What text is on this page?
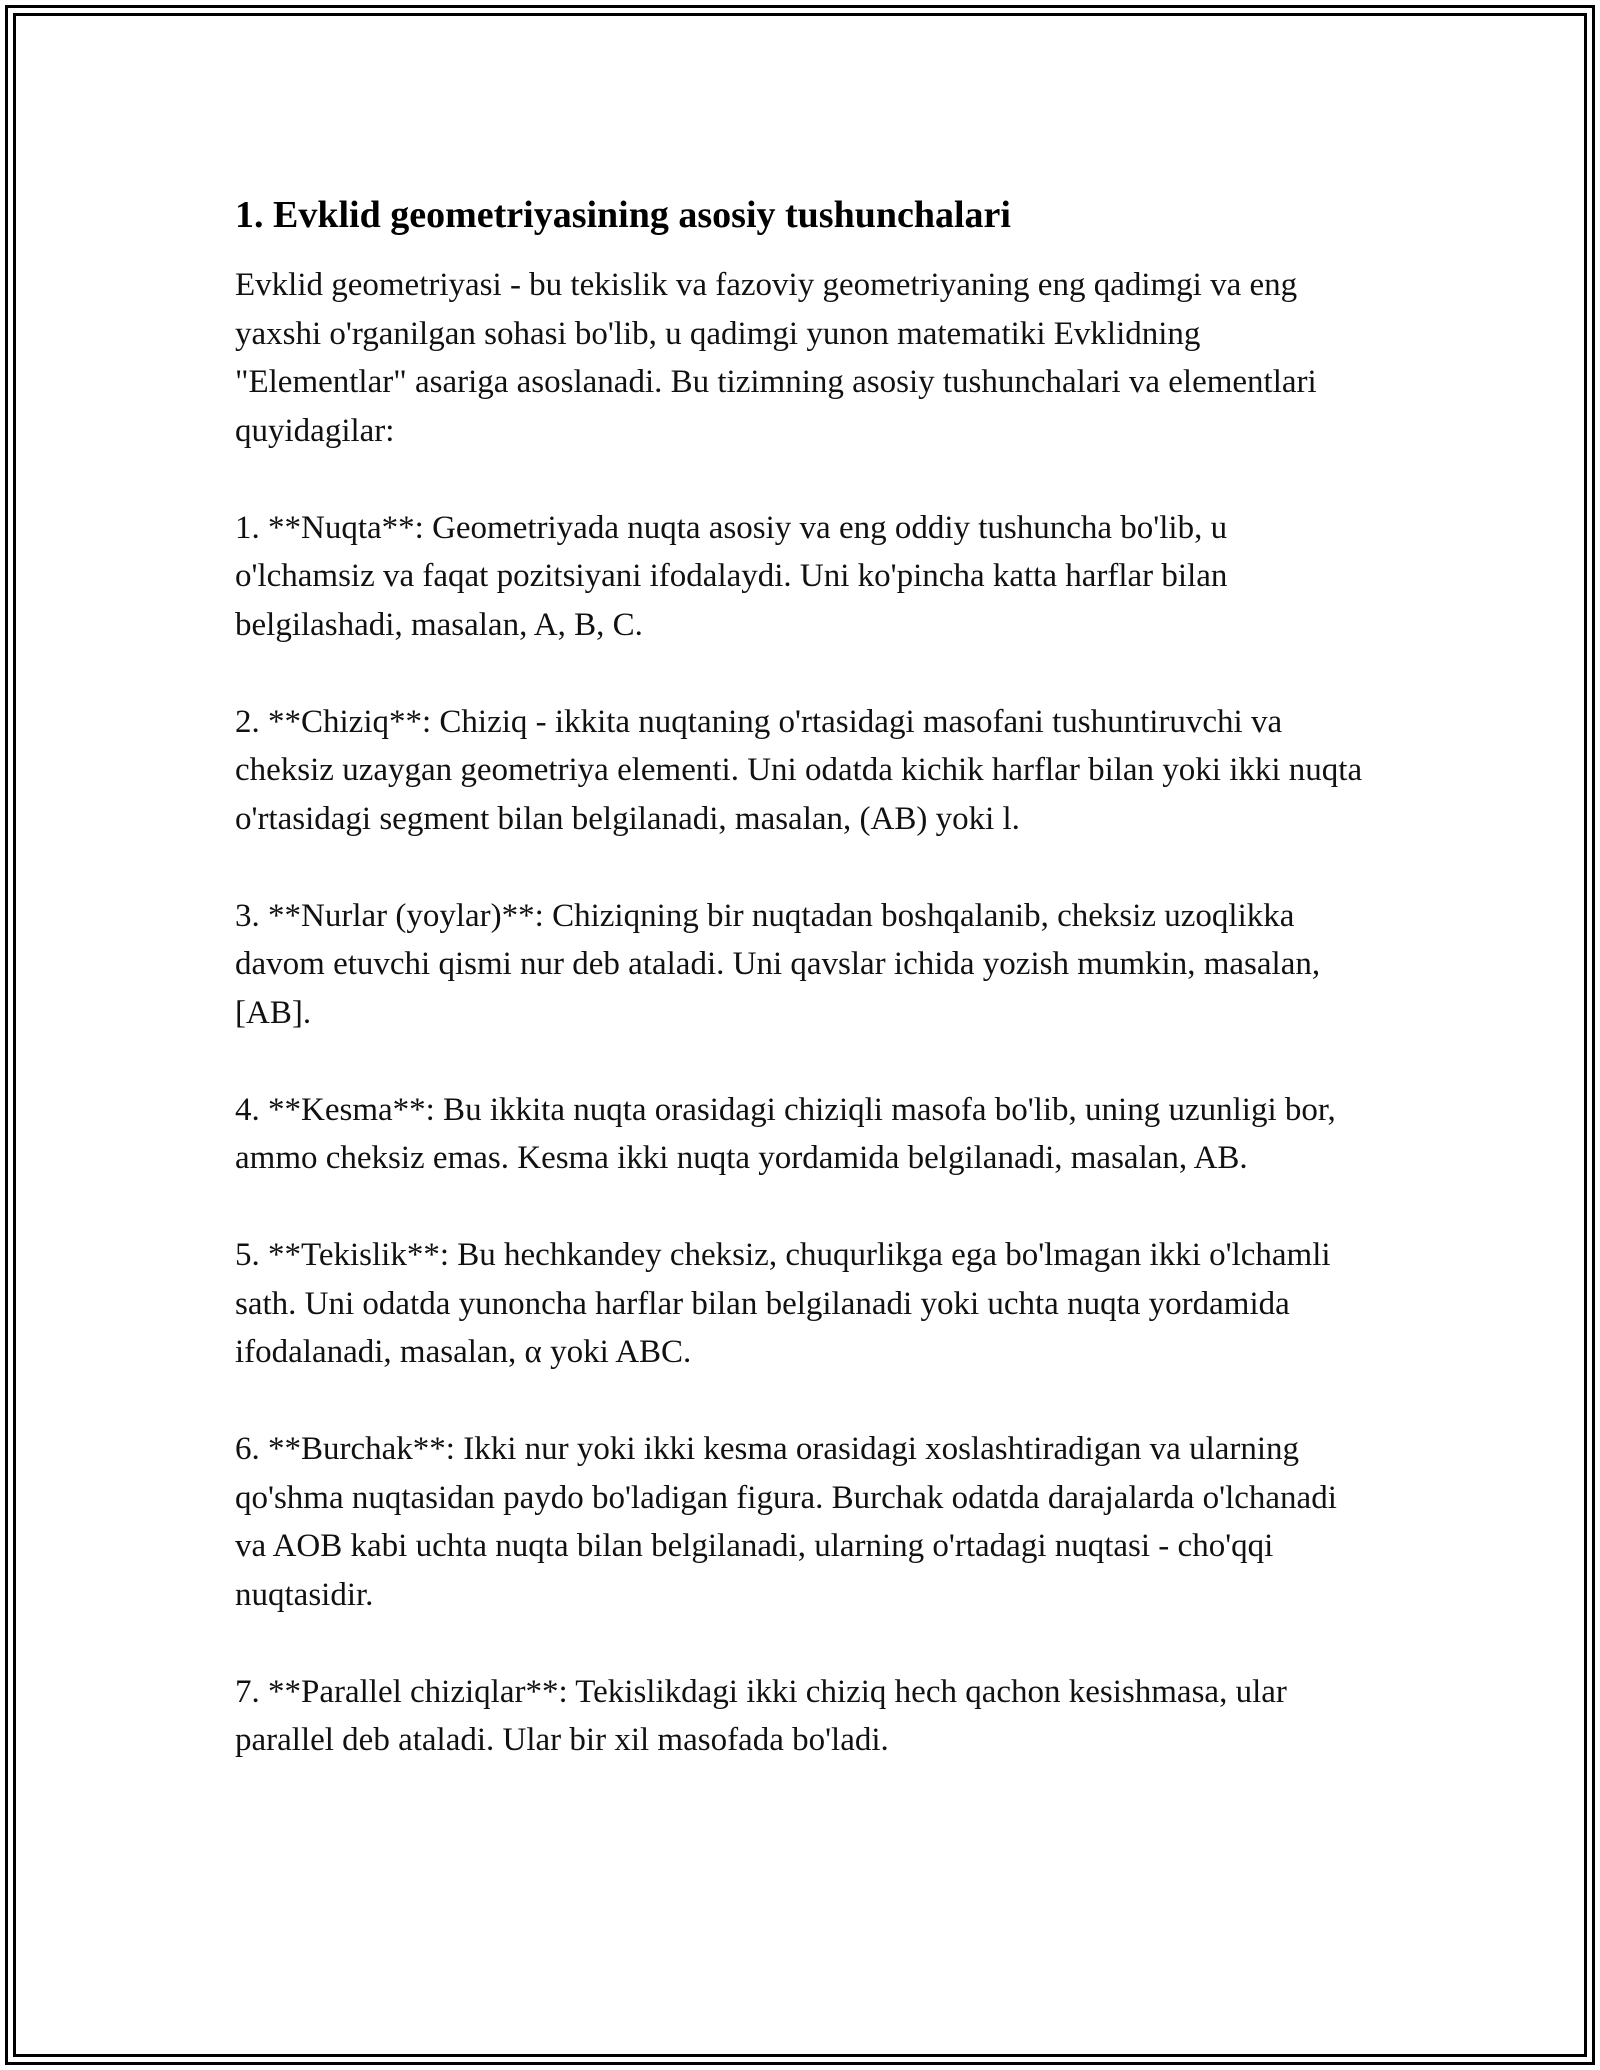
1. Evklid geometriyasining asosiy tushunchalari

Evklid geometriyasi - bu tekislik va fazoviy geometriyaning eng qadimgi va eng yaxshi o'rganilgan sohasi bo'lib, u qadimgi yunon matematiki Evklidning "Elementlar" asariga asoslanadi. Bu tizimning asosiy tushunchalari va elementlari quyidagilar:

1. **Nuqta**: Geometriyada nuqta asosiy va eng oddiy tushuncha bo'lib, u o'lchamsiz va faqat pozitsiyani ifodalaydi. Uni ko'pincha katta harflar bilan belgilashadi, masalan, A, B, C.

2. **Chiziq**: Chiziq - ikkita nuqtaning o'rtasidagi masofani tushuntiruvchi va cheksiz uzaygan geometriya elementi. Uni odatda kichik harflar bilan yoki ikki nuqta o'rtasidagi segment bilan belgilanadi, masalan, (AB) yoki l.

3. **Nurlar (yoylar)**: Chiziqning bir nuqtadan boshqalanib, cheksiz uzoqlikka davom etuvchi qismi nur deb ataladi. Uni qavslar ichida yozish mumkin, masalan, [AB].

4. **Kesma**: Bu ikkita nuqta orasidagi chiziqli masofa bo'lib, uning uzunligi bor, ammo cheksiz emas. Kesma ikki nuqta yordamida belgilanadi, masalan, AB.

5. **Tekislik**: Bu hechkandey cheksiz, chuqurlikga ega bo'lmagan ikki o'lchamli sath. Uni odatda yunoncha harflar bilan belgilanadi yoki uchta nuqta yordamida ifodalanadi, masalan, α yoki ABC.

6. **Burchak**: Ikki nur yoki ikki kesma orasidagi xoslashtiradigan va ularning qo'shma nuqtasidan paydo bo'ladigan figura. Burchak odatda darajalarda o'lchanadi va AOB kabi uchta nuqta bilan belgilanadi, ularning o'rtadagi nuqtasi - cho'qqi nuqtasidir.

7. **Parallel chiziqlar**: Tekislikdagi ikki chiziq hech qachon kesishmasa, ular parallel deb ataladi. Ular bir xil masofada bo'ladi.
